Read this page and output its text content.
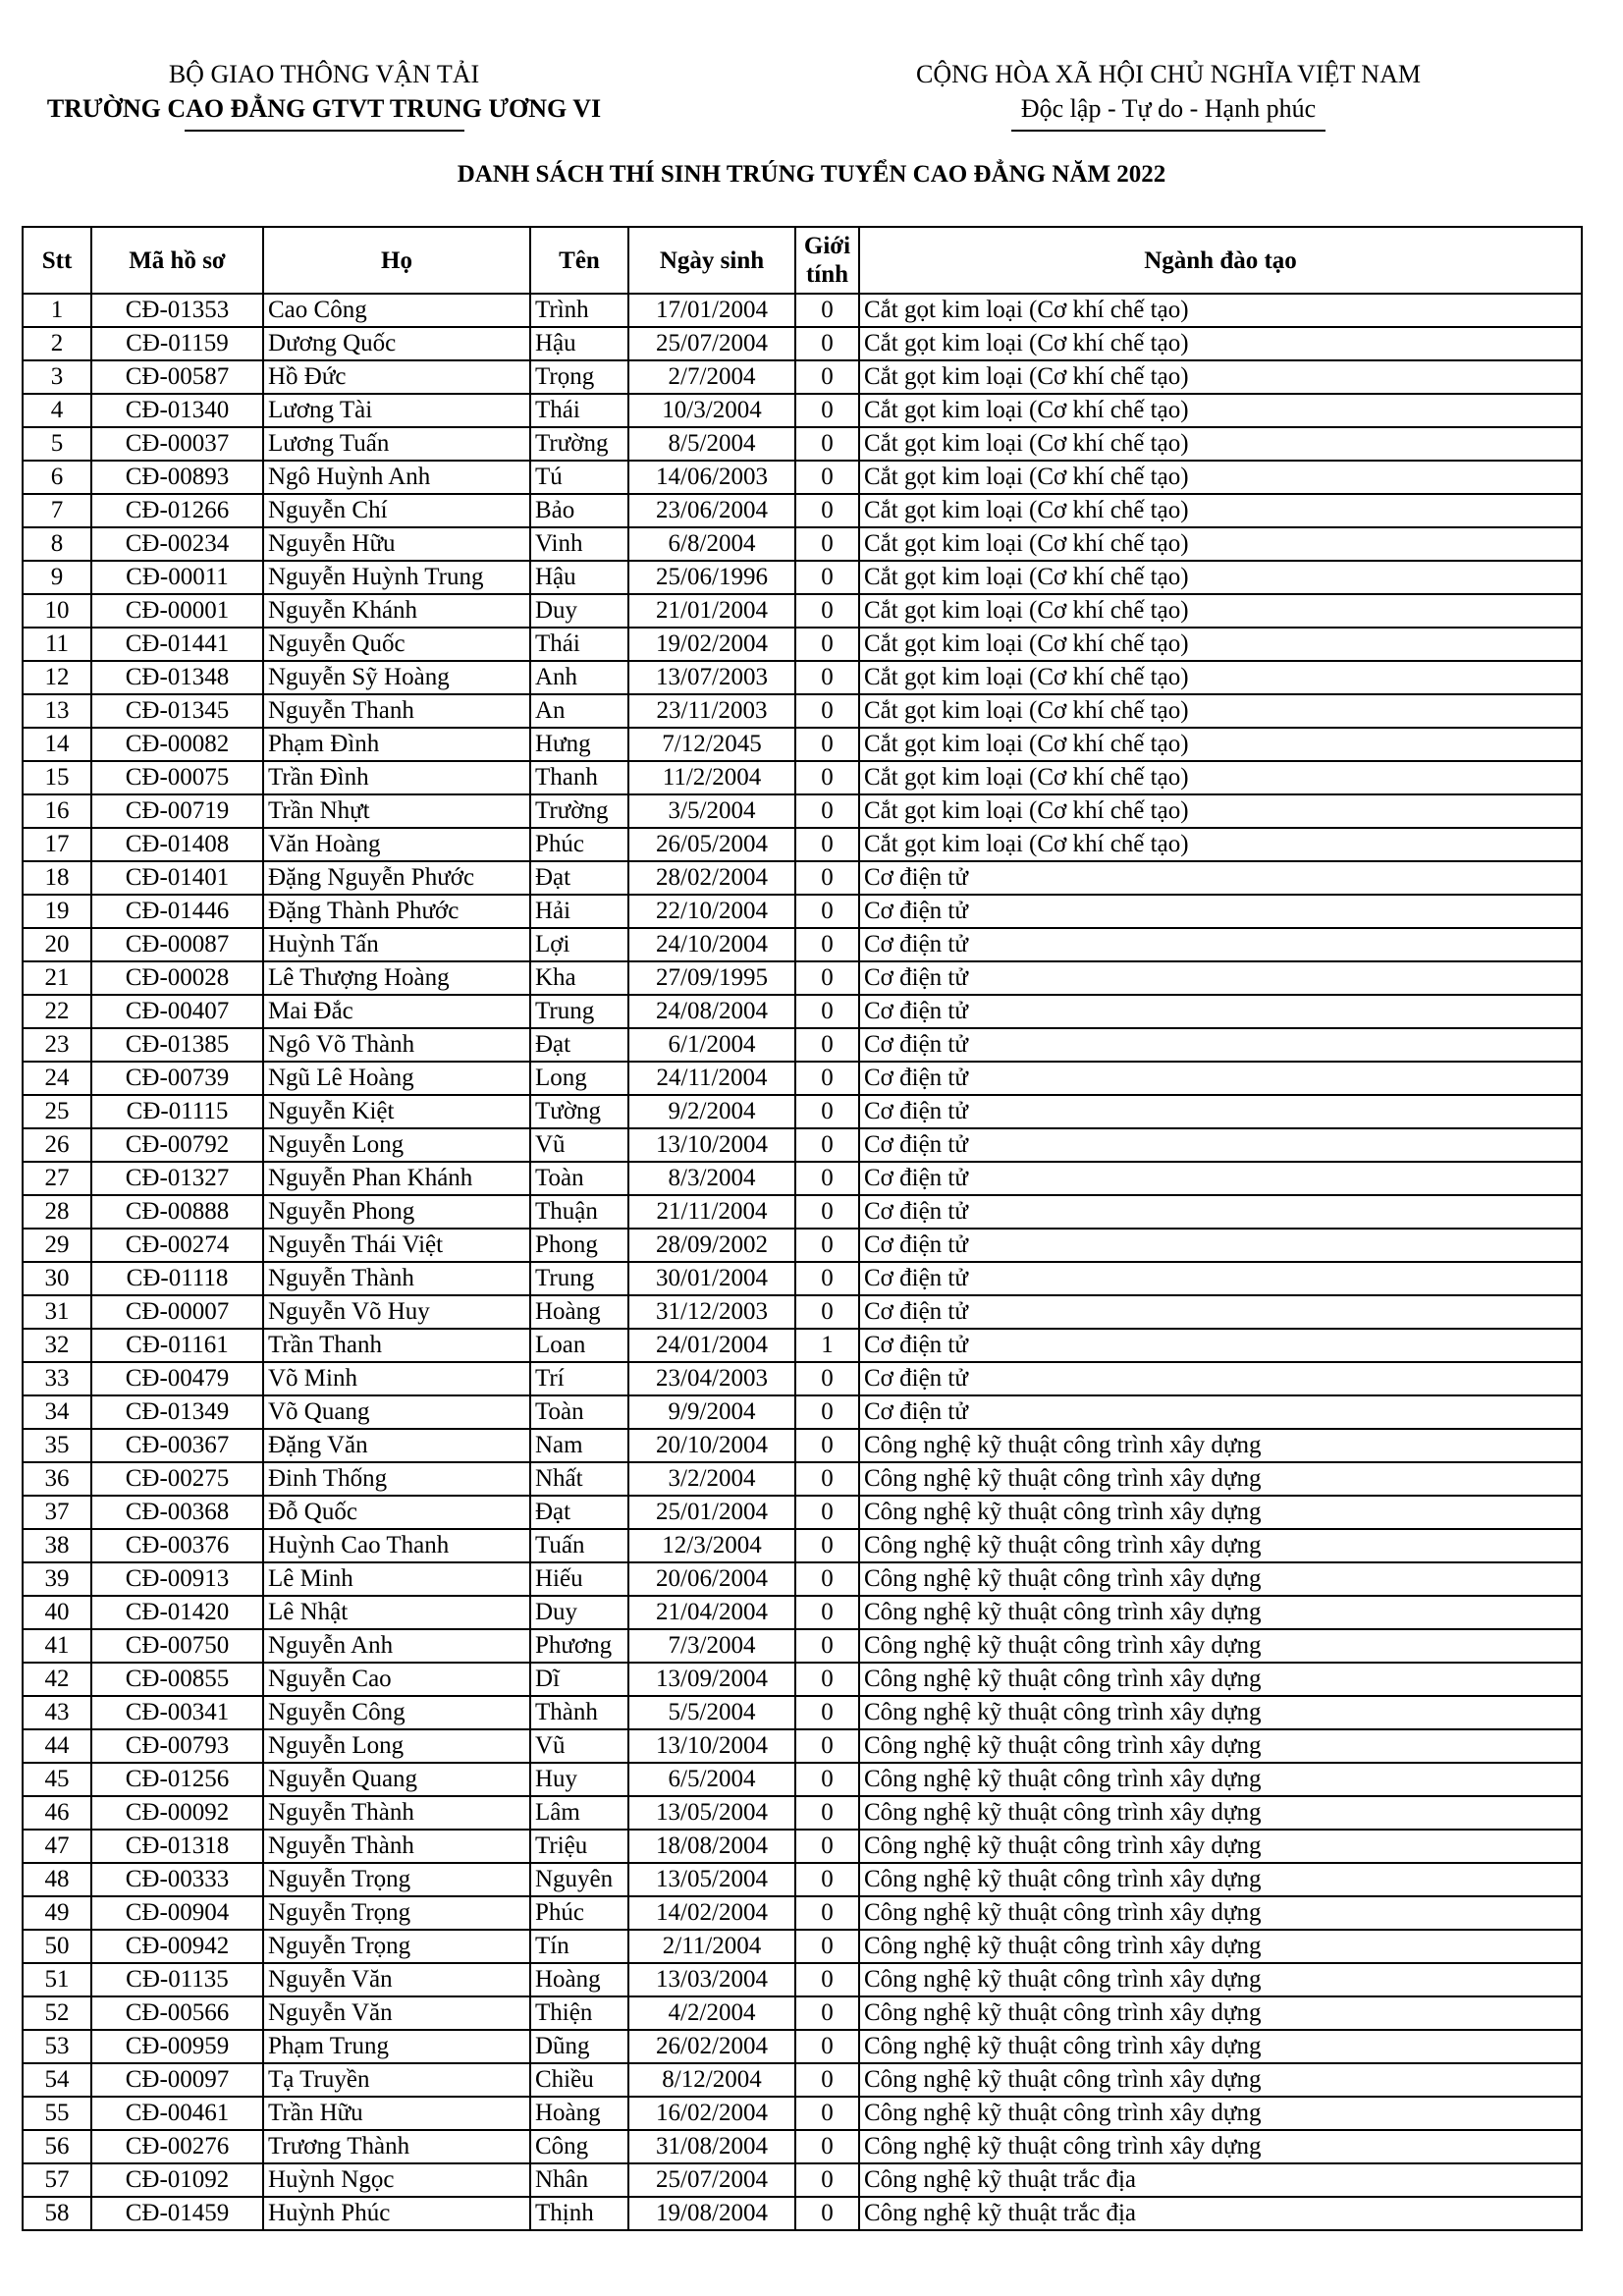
BỘ GIAO THÔNG VẬN TẢI
TRƯỜNG CAO ĐẲNG GTVT TRUNG ƯƠNG VI
CỘNG HÒA XÃ HỘI CHỦ NGHĨA VIỆT NAM
Độc lập - Tự do - Hạnh phúc
DANH SÁCH THÍ SINH TRÚNG TUYỂN CAO ĐẲNG NĂM 2022
Stt	Mã hồ sơ	Họ	Tên	Ngày sinh	Giới tính	Ngành đào tạo
1	CĐ-01353	Cao Công	Trình	17/01/2004	0	Cắt gọt kim loại (Cơ khí chế tạo)
2	CĐ-01159	Dương Quốc	Hậu	25/07/2004	0	Cắt gọt kim loại (Cơ khí chế tạo)
3	CĐ-00587	Hồ Đức	Trọng	2/7/2004	0	Cắt gọt kim loại (Cơ khí chế tạo)
4	CĐ-01340	Lương Tài	Thái	10/3/2004	0	Cắt gọt kim loại (Cơ khí chế tạo)
5	CĐ-00037	Lương Tuấn	Trường	8/5/2004	0	Cắt gọt kim loại (Cơ khí chế tạo)
6	CĐ-00893	Ngô Huỳnh Anh	Tú	14/06/2003	0	Cắt gọt kim loại (Cơ khí chế tạo)
7	CĐ-01266	Nguyễn Chí	Bảo	23/06/2004	0	Cắt gọt kim loại (Cơ khí chế tạo)
8	CĐ-00234	Nguyễn Hữu	Vinh	6/8/2004	0	Cắt gọt kim loại (Cơ khí chế tạo)
9	CĐ-00011	Nguyễn Huỳnh Trung	Hậu	25/06/1996	0	Cắt gọt kim loại (Cơ khí chế tạo)
10	CĐ-00001	Nguyễn Khánh	Duy	21/01/2004	0	Cắt gọt kim loại (Cơ khí chế tạo)
11	CĐ-01441	Nguyễn Quốc	Thái	19/02/2004	0	Cắt gọt kim loại (Cơ khí chế tạo)
12	CĐ-01348	Nguyễn Sỹ Hoàng	Anh	13/07/2003	0	Cắt gọt kim loại (Cơ khí chế tạo)
13	CĐ-01345	Nguyễn Thanh	An	23/11/2003	0	Cắt gọt kim loại (Cơ khí chế tạo)
14	CĐ-00082	Phạm Đình	Hưng	7/12/2045	0	Cắt gọt kim loại (Cơ khí chế tạo)
15	CĐ-00075	Trần Đình	Thanh	11/2/2004	0	Cắt gọt kim loại (Cơ khí chế tạo)
16	CĐ-00719	Trần Nhựt	Trường	3/5/2004	0	Cắt gọt kim loại (Cơ khí chế tạo)
17	CĐ-01408	Văn Hoàng	Phúc	26/05/2004	0	Cắt gọt kim loại (Cơ khí chế tạo)
18	CĐ-01401	Đặng Nguyễn Phước	Đạt	28/02/2004	0	Cơ điện tử
19	CĐ-01446	Đặng Thành Phước	Hải	22/10/2004	0	Cơ điện tử
20	CĐ-00087	Huỳnh Tấn	Lợi	24/10/2004	0	Cơ điện tử
21	CĐ-00028	Lê Thượng Hoàng	Kha	27/09/1995	0	Cơ điện tử
22	CĐ-00407	Mai Đắc	Trung	24/08/2004	0	Cơ điện tử
23	CĐ-01385	Ngô Võ Thành	Đạt	6/1/2004	0	Cơ điện tử
24	CĐ-00739	Ngũ Lê Hoàng	Long	24/11/2004	0	Cơ điện tử
25	CĐ-01115	Nguyễn Kiệt	Tường	9/2/2004	0	Cơ điện tử
26	CĐ-00792	Nguyễn Long	Vũ	13/10/2004	0	Cơ điện tử
27	CĐ-01327	Nguyễn Phan Khánh	Toàn	8/3/2004	0	Cơ điện tử
28	CĐ-00888	Nguyễn Phong	Thuận	21/11/2004	0	Cơ điện tử
29	CĐ-00274	Nguyễn Thái Việt	Phong	28/09/2002	0	Cơ điện tử
30	CĐ-01118	Nguyễn Thành	Trung	30/01/2004	0	Cơ điện tử
31	CĐ-00007	Nguyễn Võ Huy	Hoàng	31/12/2003	0	Cơ điện tử
32	CĐ-01161	Trần Thanh	Loan	24/01/2004	1	Cơ điện tử
33	CĐ-00479	Võ Minh	Trí	23/04/2003	0	Cơ điện tử
34	CĐ-01349	Võ Quang	Toàn	9/9/2004	0	Cơ điện tử
35	CĐ-00367	Đặng Văn	Nam	20/10/2004	0	Công nghệ kỹ thuật công trình xây dựng
36	CĐ-00275	Đinh Thống	Nhất	3/2/2004	0	Công nghệ kỹ thuật công trình xây dựng
37	CĐ-00368	Đỗ Quốc	Đạt	25/01/2004	0	Công nghệ kỹ thuật công trình xây dựng
38	CĐ-00376	Huỳnh Cao Thanh	Tuấn	12/3/2004	0	Công nghệ kỹ thuật công trình xây dựng
39	CĐ-00913	Lê Minh	Hiếu	20/06/2004	0	Công nghệ kỹ thuật công trình xây dựng
40	CĐ-01420	Lê Nhật	Duy	21/04/2004	0	Công nghệ kỹ thuật công trình xây dựng
41	CĐ-00750	Nguyễn Anh	Phương	7/3/2004	0	Công nghệ kỹ thuật công trình xây dựng
42	CĐ-00855	Nguyễn Cao	Dĩ	13/09/2004	0	Công nghệ kỹ thuật công trình xây dựng
43	CĐ-00341	Nguyễn Công	Thành	5/5/2004	0	Công nghệ kỹ thuật công trình xây dựng
44	CĐ-00793	Nguyễn Long	Vũ	13/10/2004	0	Công nghệ kỹ thuật công trình xây dựng
45	CĐ-01256	Nguyễn Quang	Huy	6/5/2004	0	Công nghệ kỹ thuật công trình xây dựng
46	CĐ-00092	Nguyễn Thành	Lâm	13/05/2004	0	Công nghệ kỹ thuật công trình xây dựng
47	CĐ-01318	Nguyễn Thành	Triệu	18/08/2004	0	Công nghệ kỹ thuật công trình xây dựng
48	CĐ-00333	Nguyễn Trọng	Nguyên	13/05/2004	0	Công nghệ kỹ thuật công trình xây dựng
49	CĐ-00904	Nguyễn Trọng	Phúc	14/02/2004	0	Công nghệ kỹ thuật công trình xây dựng
50	CĐ-00942	Nguyễn Trọng	Tín	2/11/2004	0	Công nghệ kỹ thuật công trình xây dựng
51	CĐ-01135	Nguyễn Văn	Hoàng	13/03/2004	0	Công nghệ kỹ thuật công trình xây dựng
52	CĐ-00566	Nguyễn Văn	Thiện	4/2/2004	0	Công nghệ kỹ thuật công trình xây dựng
53	CĐ-00959	Phạm Trung	Dũng	26/02/2004	0	Công nghệ kỹ thuật công trình xây dựng
54	CĐ-00097	Tạ Truyền	Chiều	8/12/2004	0	Công nghệ kỹ thuật công trình xây dựng
55	CĐ-00461	Trần Hữu	Hoàng	16/02/2004	0	Công nghệ kỹ thuật công trình xây dựng
56	CĐ-00276	Trương Thành	Công	31/08/2004	0	Công nghệ kỹ thuật công trình xây dựng
57	CĐ-01092	Huỳnh Ngọc	Nhân	25/07/2004	0	Công nghệ kỹ thuật trắc địa
58	CĐ-01459	Huỳnh Phúc	Thịnh	19/08/2004	0	Công nghệ kỹ thuật trắc địa
